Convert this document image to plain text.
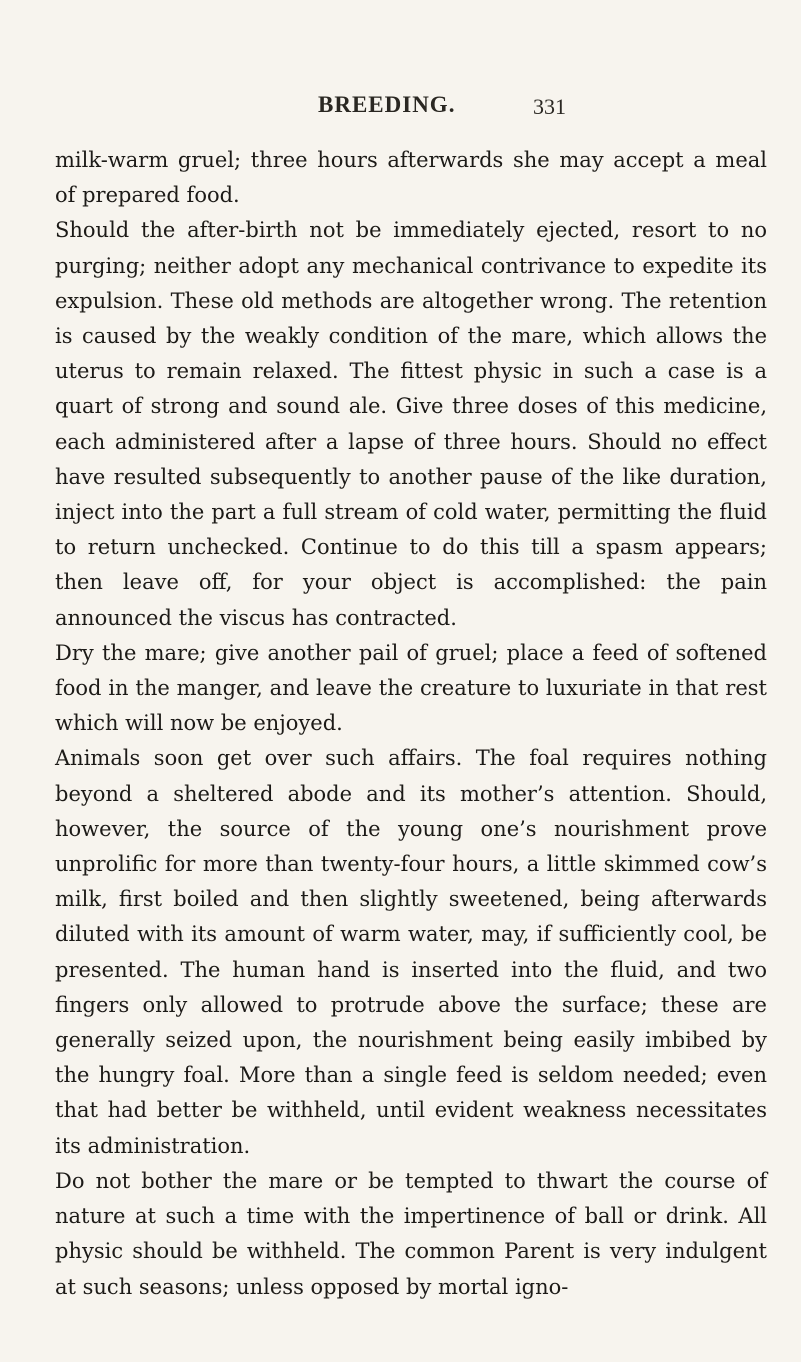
BREEDING.	331

milk-warm gruel; three hours afterwards she may accept a meal of prepared food.

Should the after-birth not be immediately ejected, resort to no purging; neither adopt any mechanical contrivance to expedite its expulsion. These old methods are altogether wrong. The retention is caused by the weakly condition of the mare, which allows the uterus to remain relaxed. The fittest physic in such a case is a quart of strong and sound ale. Give three doses of this medicine, each administered after a lapse of three hours. Should no effect have resulted subsequently to another pause of the like duration, inject into the part a full stream of cold water, permitting the fluid to return unchecked. Continue to do this till a spasm appears; then leave off, for your object is accomplished: the pain announced the viscus has contracted.

Dry the mare; give another pail of gruel; place a feed of softened food in the manger, and leave the creature to luxuriate in that rest which will now be enjoyed.

Animals soon get over such affairs. The foal requires nothing beyond a sheltered abode and its mother’s attention. Should, however, the source of the young one’s nourishment prove unprolific for more than twenty-four hours, a little skimmed cow’s milk, first boiled and then slightly sweetened, being afterwards diluted with its amount of warm water, may, if sufficiently cool, be presented. The human hand is inserted into the fluid, and two fingers only allowed to protrude above the surface; these are generally seized upon, the nourishment being easily imbibed by the hungry foal. More than a single feed is seldom needed; even that had better be withheld, until evident weakness necessitates its administration.

Do not bother the mare or be tempted to thwart the course of nature at such a time with the impertinence of ball or drink. All physic should be withheld. The common Parent is very indulgent at such seasons; unless opposed by mortal igno-
